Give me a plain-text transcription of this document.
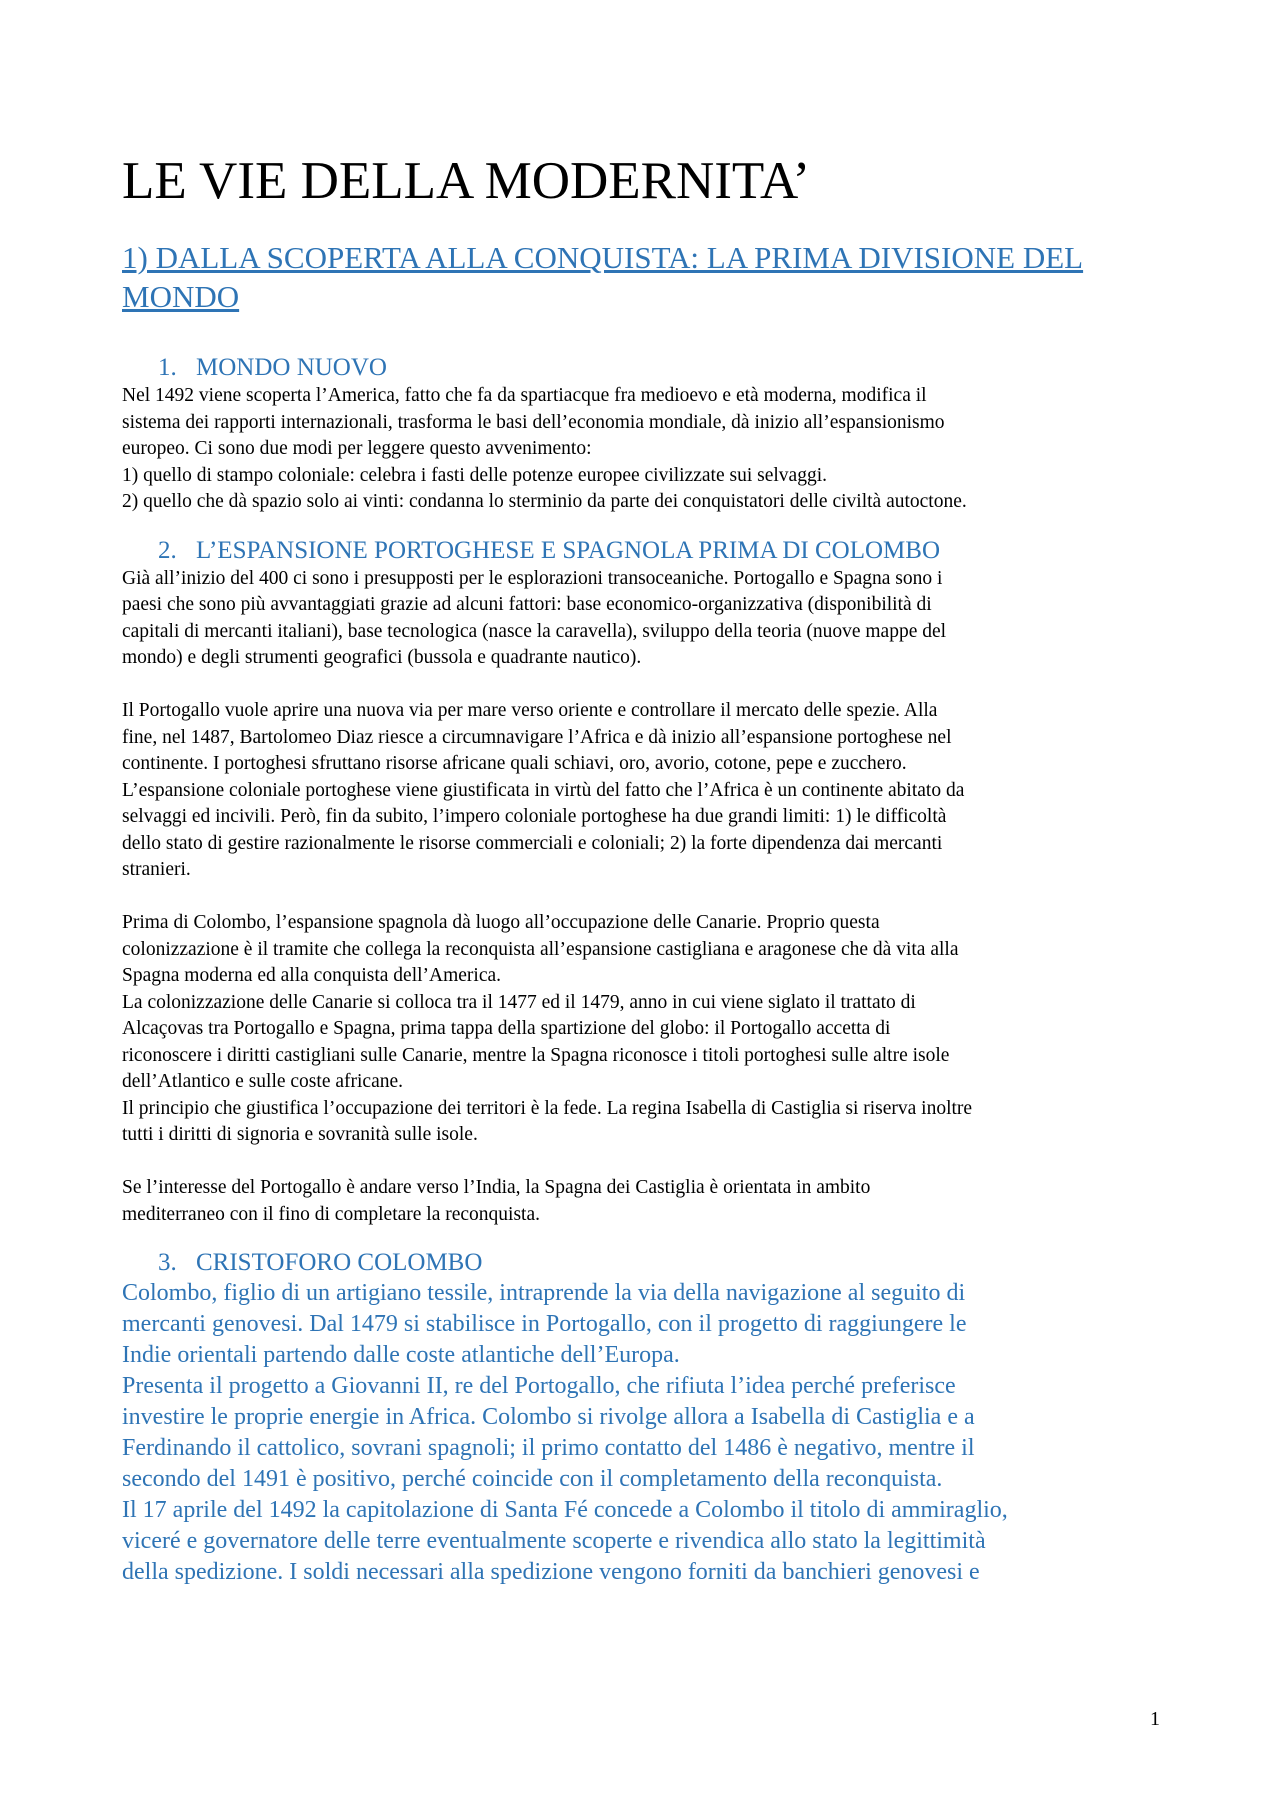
LE VIE DELLA MODERNITA’
1) DALLA SCOPERTA ALLA CONQUISTA: LA PRIMA DIVISIONE DEL MONDO
1. MONDO NUOVO

Nel 1492 viene scoperta l’America, fatto che fa da spartiacque fra medioevo e età moderna, modifica il

sistema dei rapporti internazionali, trasforma le basi dell’economia mondiale, dà inizio all’espansionismo

europeo. Ci sono due modi per leggere questo avvenimento:

1) quello di stampo coloniale: celebra i fasti delle potenze europee civilizzate sui selvaggi.

2) quello che dà spazio solo ai vinti: condanna lo sterminio da parte dei conquistatori delle civiltà autoctone.

2. L’ESPANSIONE PORTOGHESE E SPAGNOLA PRIMA DI COLOMBO

Già all’inizio del 400 ci sono i presupposti per le esplorazioni transoceaniche. Portogallo e Spagna sono i

paesi che sono più avvantaggiati grazie ad alcuni fattori: base economico-organizzativa (disponibilità di

capitali di mercanti italiani), base tecnologica (nasce la caravella), sviluppo della teoria (nuove mappe del

mondo) e degli strumenti geografici (bussola e quadrante nautico).

Il Portogallo vuole aprire una nuova via per mare verso oriente e controllare il mercato delle spezie. Alla

fine, nel 1487, Bartolomeo Diaz riesce a circumnavigare l’Africa e dà inizio all’espansione portoghese nel

continente. I portoghesi sfruttano risorse africane quali schiavi, oro, avorio, cotone, pepe e zucchero.

L’espansione coloniale portoghese viene giustificata in virtù del fatto che l’Africa è un continente abitato da

selvaggi ed incivili. Però, fin da subito, l’impero coloniale portoghese ha due grandi limiti: 1) le difficoltà

dello stato di gestire razionalmente le risorse commerciali e coloniali; 2) la forte dipendenza dai mercanti

stranieri.

Prima di Colombo, l’espansione spagnola dà luogo all’occupazione delle Canarie. Proprio questa

colonizzazione è il tramite che collega la reconquista all’espansione castigliana e aragonese che dà vita alla

Spagna moderna ed alla conquista dell’America.

La colonizzazione delle Canarie si colloca tra il 1477 ed il 1479, anno in cui viene siglato il trattato di

Alcaçovas tra Portogallo e Spagna, prima tappa della spartizione del globo: il Portogallo accetta di

riconoscere i diritti castigliani sulle Canarie, mentre la Spagna riconosce i titoli portoghesi sulle altre isole

dell’Atlantico e sulle coste africane.

Il principio che giustifica l’occupazione dei territori è la fede. La regina Isabella di Castiglia si riserva inoltre

tutti i diritti di signoria e sovranità sulle isole.

Se l’interesse del Portogallo è andare verso l’India, la Spagna dei Castiglia è orientata in ambito

mediterraneo con il fino di completare la reconquista.

3. CRISTOFORO COLOMBO

Colombo, figlio di un artigiano tessile, intraprende la via della navigazione al seguito di

mercanti genovesi. Dal 1479 si stabilisce in Portogallo, con il progetto di raggiungere le

Indie orientali partendo dalle coste atlantiche dell’Europa.

Presenta il progetto a Giovanni II, re del Portogallo, che rifiuta l’idea perché preferisce

investire le proprie energie in Africa. Colombo si rivolge allora a Isabella di Castiglia e a

Ferdinando il cattolico, sovrani spagnoli; il primo contatto del 1486 è negativo, mentre il

secondo del 1491 è positivo, perché coincide con il completamento della reconquista.

Il 17 aprile del 1492 la capitolazione di Santa Fé concede a Colombo il titolo di ammiraglio,

viceré e governatore delle terre eventualmente scoperte e rivendica allo stato la legittimità

della spedizione. I soldi necessari alla spedizione vengono forniti da banchieri genovesi e

1
